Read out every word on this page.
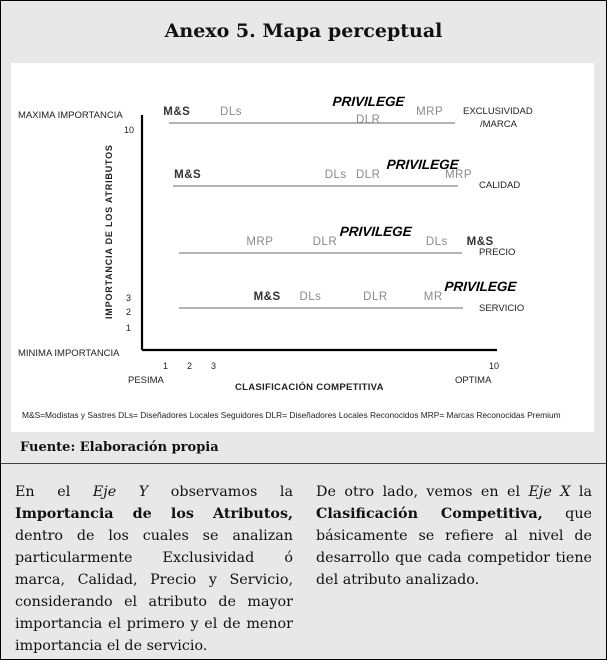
Anexo 5. Mapa perceptual
MAXIMA IMPORTANCIA
MINIMA IMPORTANCIA
IMPORTANCIA DE LOS ATRIBUTOS
10
3
2
1
1 2 3	10
PESIMA	OPTIMA
CLASIFICACIÓN COMPETITIVA
EXCLUSIVIDAD
/MARCA
M&S	DLs
PRIVILEGE
DLR
MRP
CALIDAD
M&S	DLs DLR
PRIVILEGE
MRP
PRECIO
MRP	DLR
PRIVILEGE
DLs M&S
SERVICIO
M&S DLs	DLR	MR
PRIVILEGE
M&S=Modistas y Sastres DLs= Diseñadores Locales Seguidores DLR= Diseñadores Locales Reconocidos MRP= Marcas Reconocidas Premium
Fuente: Elaboración propia
En el Eje Y observamos la Importancia de los Atributos, dentro de los cuales se analizan particularmente Exclusividad ó marca, Calidad, Precio y Servicio, considerando el atributo de mayor importancia el primero y el de menor importancia el de servicio.
De otro lado, vemos en el Eje X la Clasificación Competitiva, que básicamente se refiere al nivel de desarrollo que cada competidor tiene del atributo analizado.
